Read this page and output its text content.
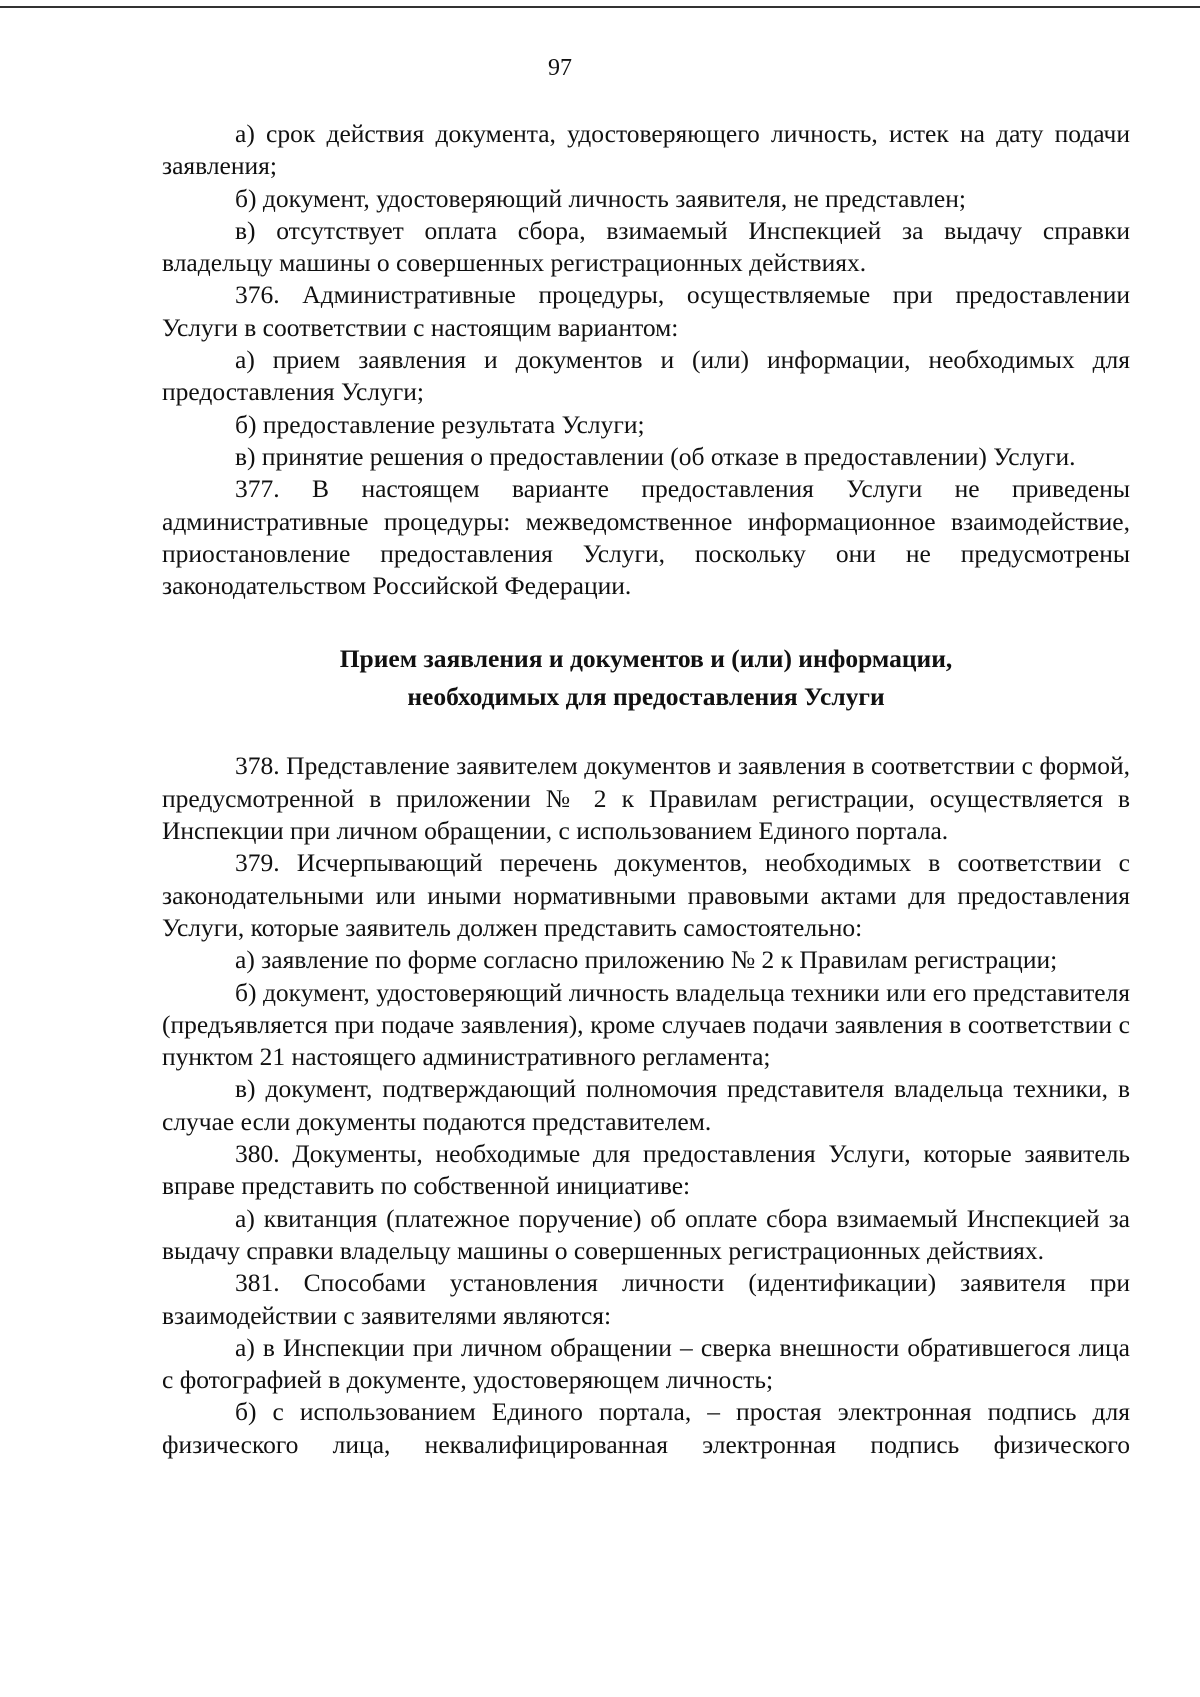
97

а) срок действия документа, удостоверяющего личность, истек на дату подачи заявления;

б) документ, удостоверяющий личность заявителя, не представлен;

в) отсутствует оплата сбора, взимаемый Инспекцией за выдачу справки владельцу машины о совершенных регистрационных действиях.

376. Административные процедуры, осуществляемые при предоставлении Услуги в соответствии с настоящим вариантом:

а) прием заявления и документов и (или) информации, необходимых для предоставления Услуги;

б) предоставление результата Услуги;

в) принятие решения о предоставлении (об отказе в предоставлении) Услуги.

377. В настоящем варианте предоставления Услуги не приведены административные процедуры: межведомственное информационное взаимодействие, приостановление предоставления Услуги, поскольку они не предусмотрены законодательством Российской Федерации.

Прием заявления и документов и (или) информации,
необходимых для предоставления Услуги

378. Представление заявителем документов и заявления в соответствии с формой, предусмотренной в приложении № 2 к Правилам регистрации, осуществляется в Инспекции при личном обращении, с использованием Единого портала.

379. Исчерпывающий перечень документов, необходимых в соответствии с законодательными или иными нормативными правовыми актами для предоставления Услуги, которые заявитель должен представить самостоятельно:

а) заявление по форме согласно приложению № 2 к Правилам регистрации;

б) документ, удостоверяющий личность владельца техники или его представителя (предъявляется при подаче заявления), кроме случаев подачи заявления в соответствии с пунктом 21 настоящего административного регламента;

в) документ, подтверждающий полномочия представителя владельца техники, в случае если документы подаются представителем.

380. Документы, необходимые для предоставления Услуги, которые заявитель вправе представить по собственной инициативе:

а) квитанция (платежное поручение) об оплате сбора взимаемый Инспекцией за выдачу справки владельцу машины о совершенных регистрационных действиях.

381. Способами установления личности (идентификации) заявителя при взаимодействии с заявителями являются:

а) в Инспекции при личном обращении – сверка внешности обратившегося лица с фотографией в документе, удостоверяющем личность;

б) с использованием Единого портала, – простая электронная подпись для физического лица, неквалифицированная электронная подпись физического
